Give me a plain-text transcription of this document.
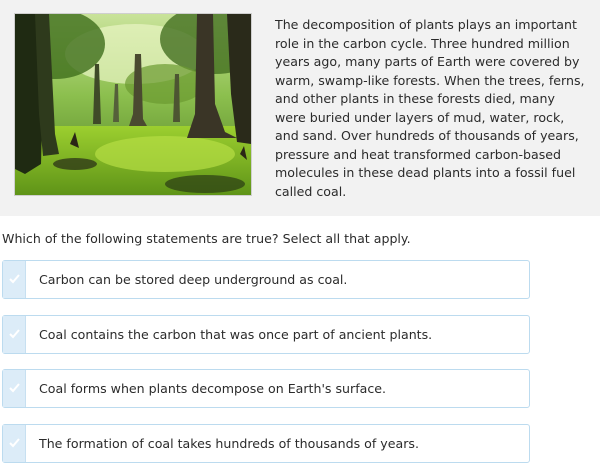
The decomposition of plants plays an important role in the carbon cycle. Three hundred million years ago, many parts of Earth were covered by warm, swamp-like forests. When the trees, ferns, and other plants in these forests died, many were buried under layers of mud, water, rock, and sand. Over hundreds of thousands of years, pressure and heat transformed carbon-based molecules in these dead plants into a fossil fuel called coal.

Which of the following statements are true? Select all that apply.

Carbon can be stored deep underground as coal.
Coal contains the carbon that was once part of ancient plants.
Coal forms when plants decompose on Earth's surface.
The formation of coal takes hundreds of thousands of years.
